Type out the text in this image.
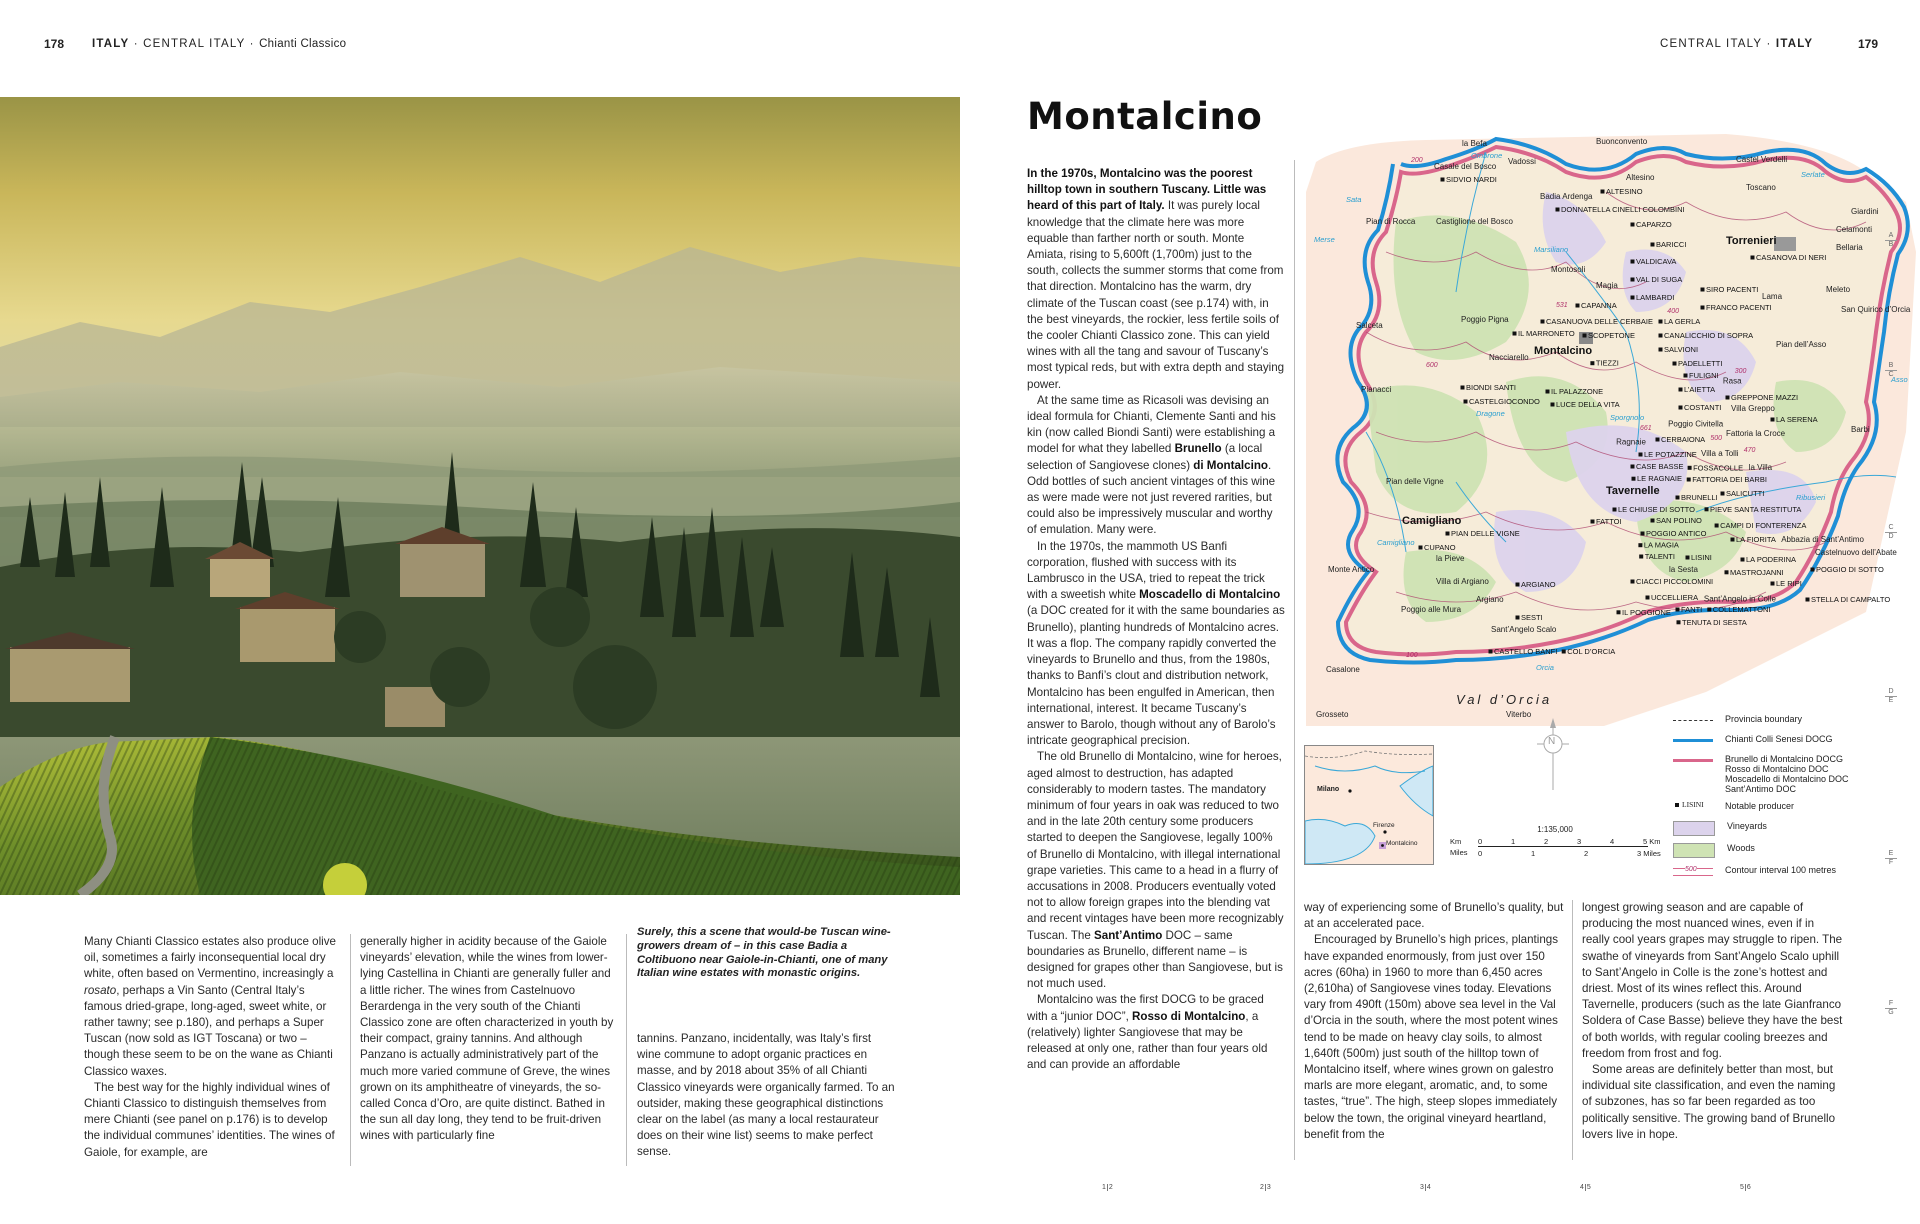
178 ITALY · CENTRAL ITALY · Chianti Classico

Many Chianti Classico estates also produce olive oil, sometimes a fairly inconsequential local dry white, often based on Vermentino, increasingly a rosato, perhaps a Vin Santo (Central Italy’s famous dried-grape, long-aged, sweet white, or rather tawny; see p.180), and perhaps a Super Tuscan (now sold as IGT Toscana) or two – though these seem to be on the wane as Chianti Classico waxes.

The best way for the highly individual wines of Chianti Classico to distinguish themselves from mere Chianti (see panel on p.176) is to develop the individual communes’ identities. The wines of Gaiole, for example, are

generally higher in acidity because of the Gaiole vineyards’ elevation, while the wines from lower-lying Castellina in Chianti are generally fuller and a little richer. The wines from Castelnuovo Berardenga in the very south of the Chianti Classico zone are often characterized in youth by their compact, grainy tannins. And although Panzano is actually administratively part of the much more varied commune of Greve, the wines grown on its amphitheatre of vineyards, the so-called Conca d’Oro, are quite distinct. Bathed in the sun all day long, they tend to be fruit-driven wines with particularly fine

Surely, this a scene that would-be Tuscan wine-growers dream of – in this case Badia a Coltibuono near Gaiole-in-Chianti, one of many Italian wine estates with monastic origins.

tannins. Panzano, incidentally, was Italy’s first wine commune to adopt organic practices en masse, and by 2018 about 35% of all Chianti Classico vineyards were organically farmed. To an outsider, making these geographical distinctions clear on the label (as many a local restaurateur does on their wine list) seems to make perfect sense.

CENTRAL ITALY · ITALY	179
Montalcino

In the 1970s, Montalcino was the poorest hilltop town in southern Tuscany. Little was heard of this part of Italy. It was purely local knowledge that the climate here was more equable than farther north or south. Monte Amiata, rising to 5,600ft (1,700m) just to the south, collects the summer storms that come from that direction. Montalcino has the warm, dry climate of the Tuscan coast (see p.174) with, in the best vineyards, the rockier, less fertile soils of the cooler Chianti Classico zone. This can yield wines with all the tang and savour of Tuscany’s most typical reds, but with extra depth and staying power.

At the same time as Ricasoli was devising an ideal formula for Chianti, Clemente Santi and his kin (now called Biondi Santi) were establishing a model for what they labelled Brunello (a local selection of Sangiovese clones) di Montalcino. Odd bottles of such ancient vintages of this wine as were made were not just revered rarities, but could also be impressively muscular and worthy of emulation. Many were.

In the 1970s, the mammoth US Banfi corporation, flushed with success with its Lambrusco in the USA, tried to repeat the trick with a sweetish white Moscadello di Montalcino (a DOC created for it with the same boundaries as Brunello), planting hundreds of Montalcino acres. It was a flop. The company rapidly converted the vineyards to Brunello and thus, from the 1980s, thanks to Banfi’s clout and distribution network, Montalcino has been engulfed in American, then international, interest. It became Tuscany’s answer to Barolo, though without any of Barolo’s intricate geographical precision.

The old Brunello di Montalcino, wine for heroes, aged almost to destruction, has adapted considerably to modern tastes. The mandatory minimum of four years in oak was reduced to two and in the late 20th century some producers started to deepen the Sangiovese, legally 100% of Brunello di Montalcino, with illegal international grape varieties. This came to a head in a flurry of accusations in 2008. Producers eventually voted not to allow foreign grapes into the blending vat and recent vintages have been more recognizably Tuscan. The Sant’Antimo DOC – same boundaries as Brunello, different name – is designed for grapes other than Sangiovese, but is not much used.

Montalcino was the first DOCG to be graced with a “junior DOC”, Rosso di Montalcino, a (relatively) lighter Sangiovese that may be released at only one, rather than four years old and can provide an affordable

way of experiencing some of Brunello’s quality, but at an accelerated pace.

Encouraged by Brunello’s high prices, plantings have expanded enormously, from just over 150 acres (60ha) in 1960 to more than 6,450 acres (2,610ha) of Sangiovese vines today. Elevations vary from 490ft (150m) above sea level in the Val d’Orcia in the south, where the most potent wines tend to be made on heavy clay soils, to almost 1,640ft (500m) just south of the hilltop town of Montalcino itself, where wines grown on galestro marls are more elegant, aromatic, and, to some tastes, “true”. The high, steep slopes immediately below the town, the original vineyard heartland, benefit from the

longest growing season and are capable of producing the most nuanced wines, even if in really cool years grapes may struggle to ripen. The swathe of vineyards from Sant’Angelo Scalo uphill to Sant’Angelo in Colle is the zone’s hottest and driest. Most of its wines reflect this. Around Tavernelle, producers (such as the late Gianfranco Soldera of Case Basse) believe they have the best of both worlds, with regular cooling breezes and freedom from frost and fog.

Some areas are definitely better than most, but individual site classification, and even the naming of subzones, has so far been regarded as too politically sensitive. The growing band of Brunello lovers live in hope.

Val d’Orcia
Montalcino
Torrenieri
Tavernelle
Camigliano
SIDVIO NARDI
ALTESINO
CAPARZO
DONNATELLA CINELLI COLOMBINI
BARICCI
VALDICAVA
VAL DI SUGA
LAMBARDI
SIRO PACENTI
FRANCO PACENTI
CASANOVA DI NERI
CAPANNA
CASANUOVA DELLE CERBAIE
IL MARRONETO
LA GERLA
CANALICCHIO DI SOPRA
SALVIONI
SCOPETONE
TIEZZI	PADELLETTI
FULIGNI
L’AIETTA
IL PALAZZONE
COSTANTI
GREPPONE MAZZI
LA SERENA
CERBAIONA
BIONDI SANTI
CASTELGIOCONDO LUCE DELLA VITA
LE POTAZZINE
LE RAGNAIE FATTORIA DEI BARBI
BRUNELLI
LE CHIUSE DI SOTTO
SALICUTTI
SAN POLINO
POGGIO ANTICO
LA MAGIA
LA FIORITA
LA PODERINA
MASTROJANNI
LE RIPI
FOSSACOLLE
CASE BASSE
PIEVE SANTA RESTITUTA
PIAN DELLE VIGNE
CUPANO
FATTOI
TALENTI
CAMPI DI FONTERENZA
LISINI
CIACCI PICCOLOMINI
UCCELLIERA
FANTI
POGGIO DI SOTTO
STELLA DI CAMPALTO
TENUTA DI SESTA
COLLEMATTONI
IL POGGIONE
ARGIANO
SESTI
CASTELLO BANFI COL D’ORCIA
la Befa	Buonconvento
Vadossi
Altesino
Castel Verdelli
Toscano
Giardini
Celamonti
Bellaria
Meleto
San Quirico d’Orcia
Lama
Pian dell’Asso
Rasa
Casale del Bosco
Badia Ardenga
Pian di Rocca	Castiglione del Bosco
Magia
Montosoli
Salceta
Poggio Pigna
Nacciarello
Pianacci
Villa Greppo
Fattoria la Croce
Poggio Civitella
Ragnaie
Barbi
Villa a Tolli
Pian delle Vigne
la Villa
Abbazia di Sant’Antimo
Castelnuovo dell’Abate
la Pieve
Villa di Argiano
Argiano	Sant’Angelo in Colle
la Sesta
Monte Antico
Poggio alle Mura
Sant’Angelo Scalo
Casalone
Grosseto	Viterbo
Ombrone
Merse
Sata
Marsiliano
Serlate
Asso
Dragone	Sporgnolo
Camigliano
Orcia
Ribusieri
200
300
400
500
531
600
661
470
100
N
Milano
Firenze
Montalcino
1:135,000
Km
Miles
0	1	2	3	4	5 Km
0	1	2	3 Miles
Provincia boundary
Chianti Colli Senesi DOCG
Brunello di Montalcino DOCG
Rosso di Montalcino DOC
Moscadello di Montalcino DOC
Sant’Antimo DOC
LISINI Notable producer
Vineyards
Woods
500	Contour interval 100 metres
A
B
B
C
C
D
D
E
E
F
F
G
1 2	2 3	3 4	4 5	5 6
